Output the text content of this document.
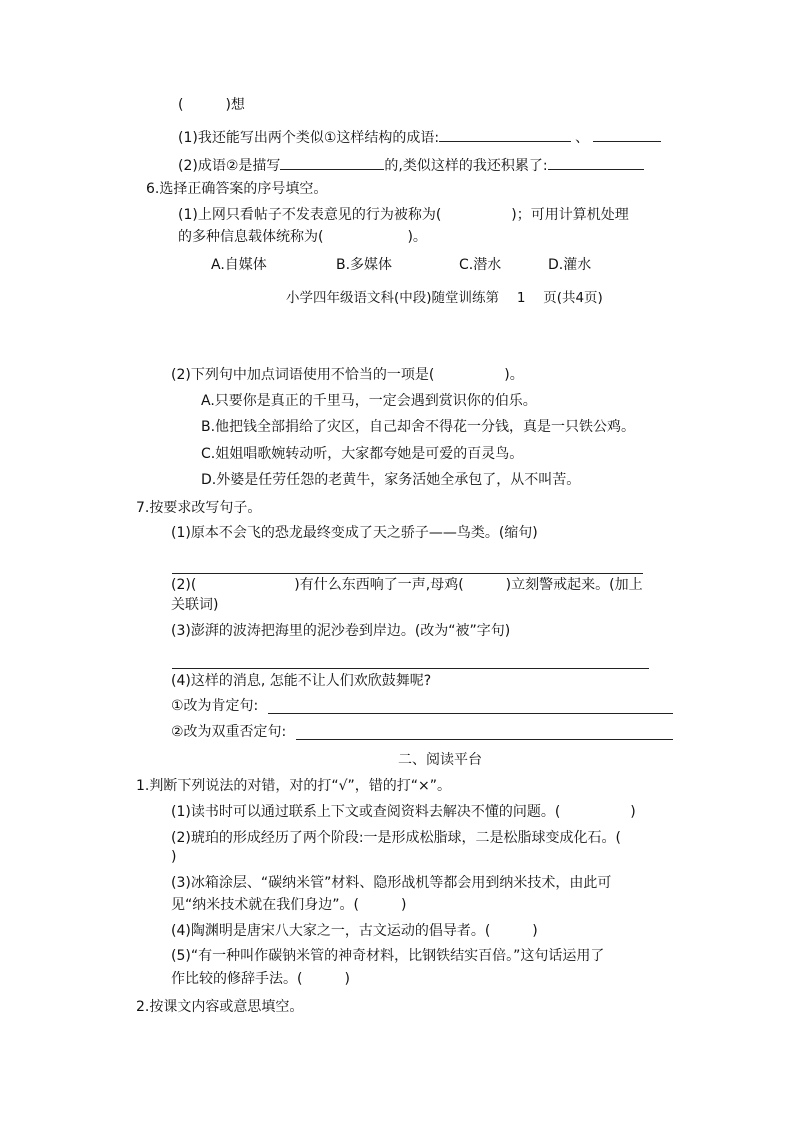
(　　　)想
(1)我还能写出两个类似①这样结构的成语:	、
(2)成语②是描写	的,类似这样的我还积累了:
6.选择正确答案的序号填空。
(1)上网只看帖子不发表意见的行为被称为(　　　　　)；可用计算机处理
的多种信息载体统称为(　　　　　　)。
A.自媒体	B.多媒体	C.潜水	D.灌水
小学四年级语文科(中段)随堂训练第　 1　 页(共4页)
(2)下列句中加点词语使用不恰当的一项是(　　　　　)。
A.只要你是真正的千里马，一定会遇到赏识你的伯乐。
B.他把钱全部捐给了灾区，自己却舍不得花一分钱，真是一只铁公鸡。
C.姐姐唱歌婉转动听，大家都夸她是可爱的百灵鸟。
D.外婆是任劳任怨的老黄牛，家务活她全承包了，从不叫苦。
7.按要求改写句子。
(1)原本不会飞的恐龙最终变成了天之骄子——鸟类。(缩句)
(2)(　　　　　　　)有什么东西响了一声,母鸡(　　　)立刻警戒起来。(加上
关联词)
(3)澎湃的波涛把海里的泥沙卷到岸边。(改为“被”字句)
(4)这样的消息, 怎能不让人们欢欣鼓舞呢?
①改为肯定句:
②改为双重否定句:
二、阅读平台
1.判断下列说法的对错，对的打“√”，错的打“×”。
(1)读书时可以通过联系上下文或查阅资料去解决不懂的问题。(　　　　　)
(2)琥珀的形成经历了两个阶段:一是形成松脂球，二是松脂球变成化石。(
)
(3)冰箱涂层、“碳纳米管”材料、隐形战机等都会用到纳米技术，由此可
见“纳米技术就在我们身边”。(　　　)
(4)陶渊明是唐宋八大家之一，古文运动的倡导者。(　　　)
(5)“有一种叫作碳钠米管的神奇材料，比钢铁结实百倍。”这句话运用了
作比较的修辞手法。(　　　)
2.按课文内容或意思填空。
